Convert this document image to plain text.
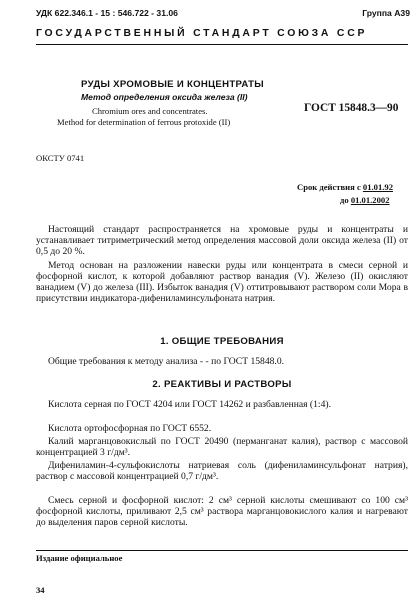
УДК 622.346.1 - 15 : 546.722 - 31.06	Группа А39
ГОСУДАРСТВЕННЫЙ СТАНДАРТ СОЮЗА ССР
РУДЫ ХРОМОВЫЕ И КОНЦЕНТРАТЫ
Метод определения оксида железа (II)
Chromium ores and concentrates.
Method for determination of ferrous protoxide (II)
ГОСТ 15848.3—90
ОКСТУ 0741
Срок действия с 01.01.92
до 01.01.2002

Настоящий стандарт распространяется на хромовые руды и концентраты и устанавливает титриметрический метод определения массовой доли оксида железа (II) от 0,5 до 20 %.

Метод основан на разложении навески руды или концентрата в смеси серной и фосфорной кислот, к которой добавляют раствор ванадия (V). Железо (II) окисляют ванадием (V) до железа (III). Избыток ванадия (V) оттитровывают раствором соли Мора в присутствии индикатора-дифениламинсульфоната натрия.

1. ОБЩИЕ ТРЕБОВАНИЯ
Общие требования к методу анализа - - по ГОСТ 15848.0.
2. РЕАКТИВЫ И РАСТВОРЫ

Кислота серная по ГОСТ 4204 или ГОСТ 14262 и разбавленная (1:4).

Кислота ортофосфорная по ГОСТ 6552.

Калий марганцовокислый по ГОСТ 20490 (перманганат калия), раствор с массовой концентрацией 3 г/дм³.

Дифениламин-4-сульфокислоты натриевая соль (дифениламинсульфонат натрия), раствор с массовой концентрацией 0,7 г/дм³.

Смесь серной и фосфорной кислот: 2 см³ серной кислоты смешивают со 100 см³ фосфорной кислоты, приливают 2,5 см³ раствора марганцовокислого калия и нагревают до выделения паров серной кислоты.

Издание официальное
34
